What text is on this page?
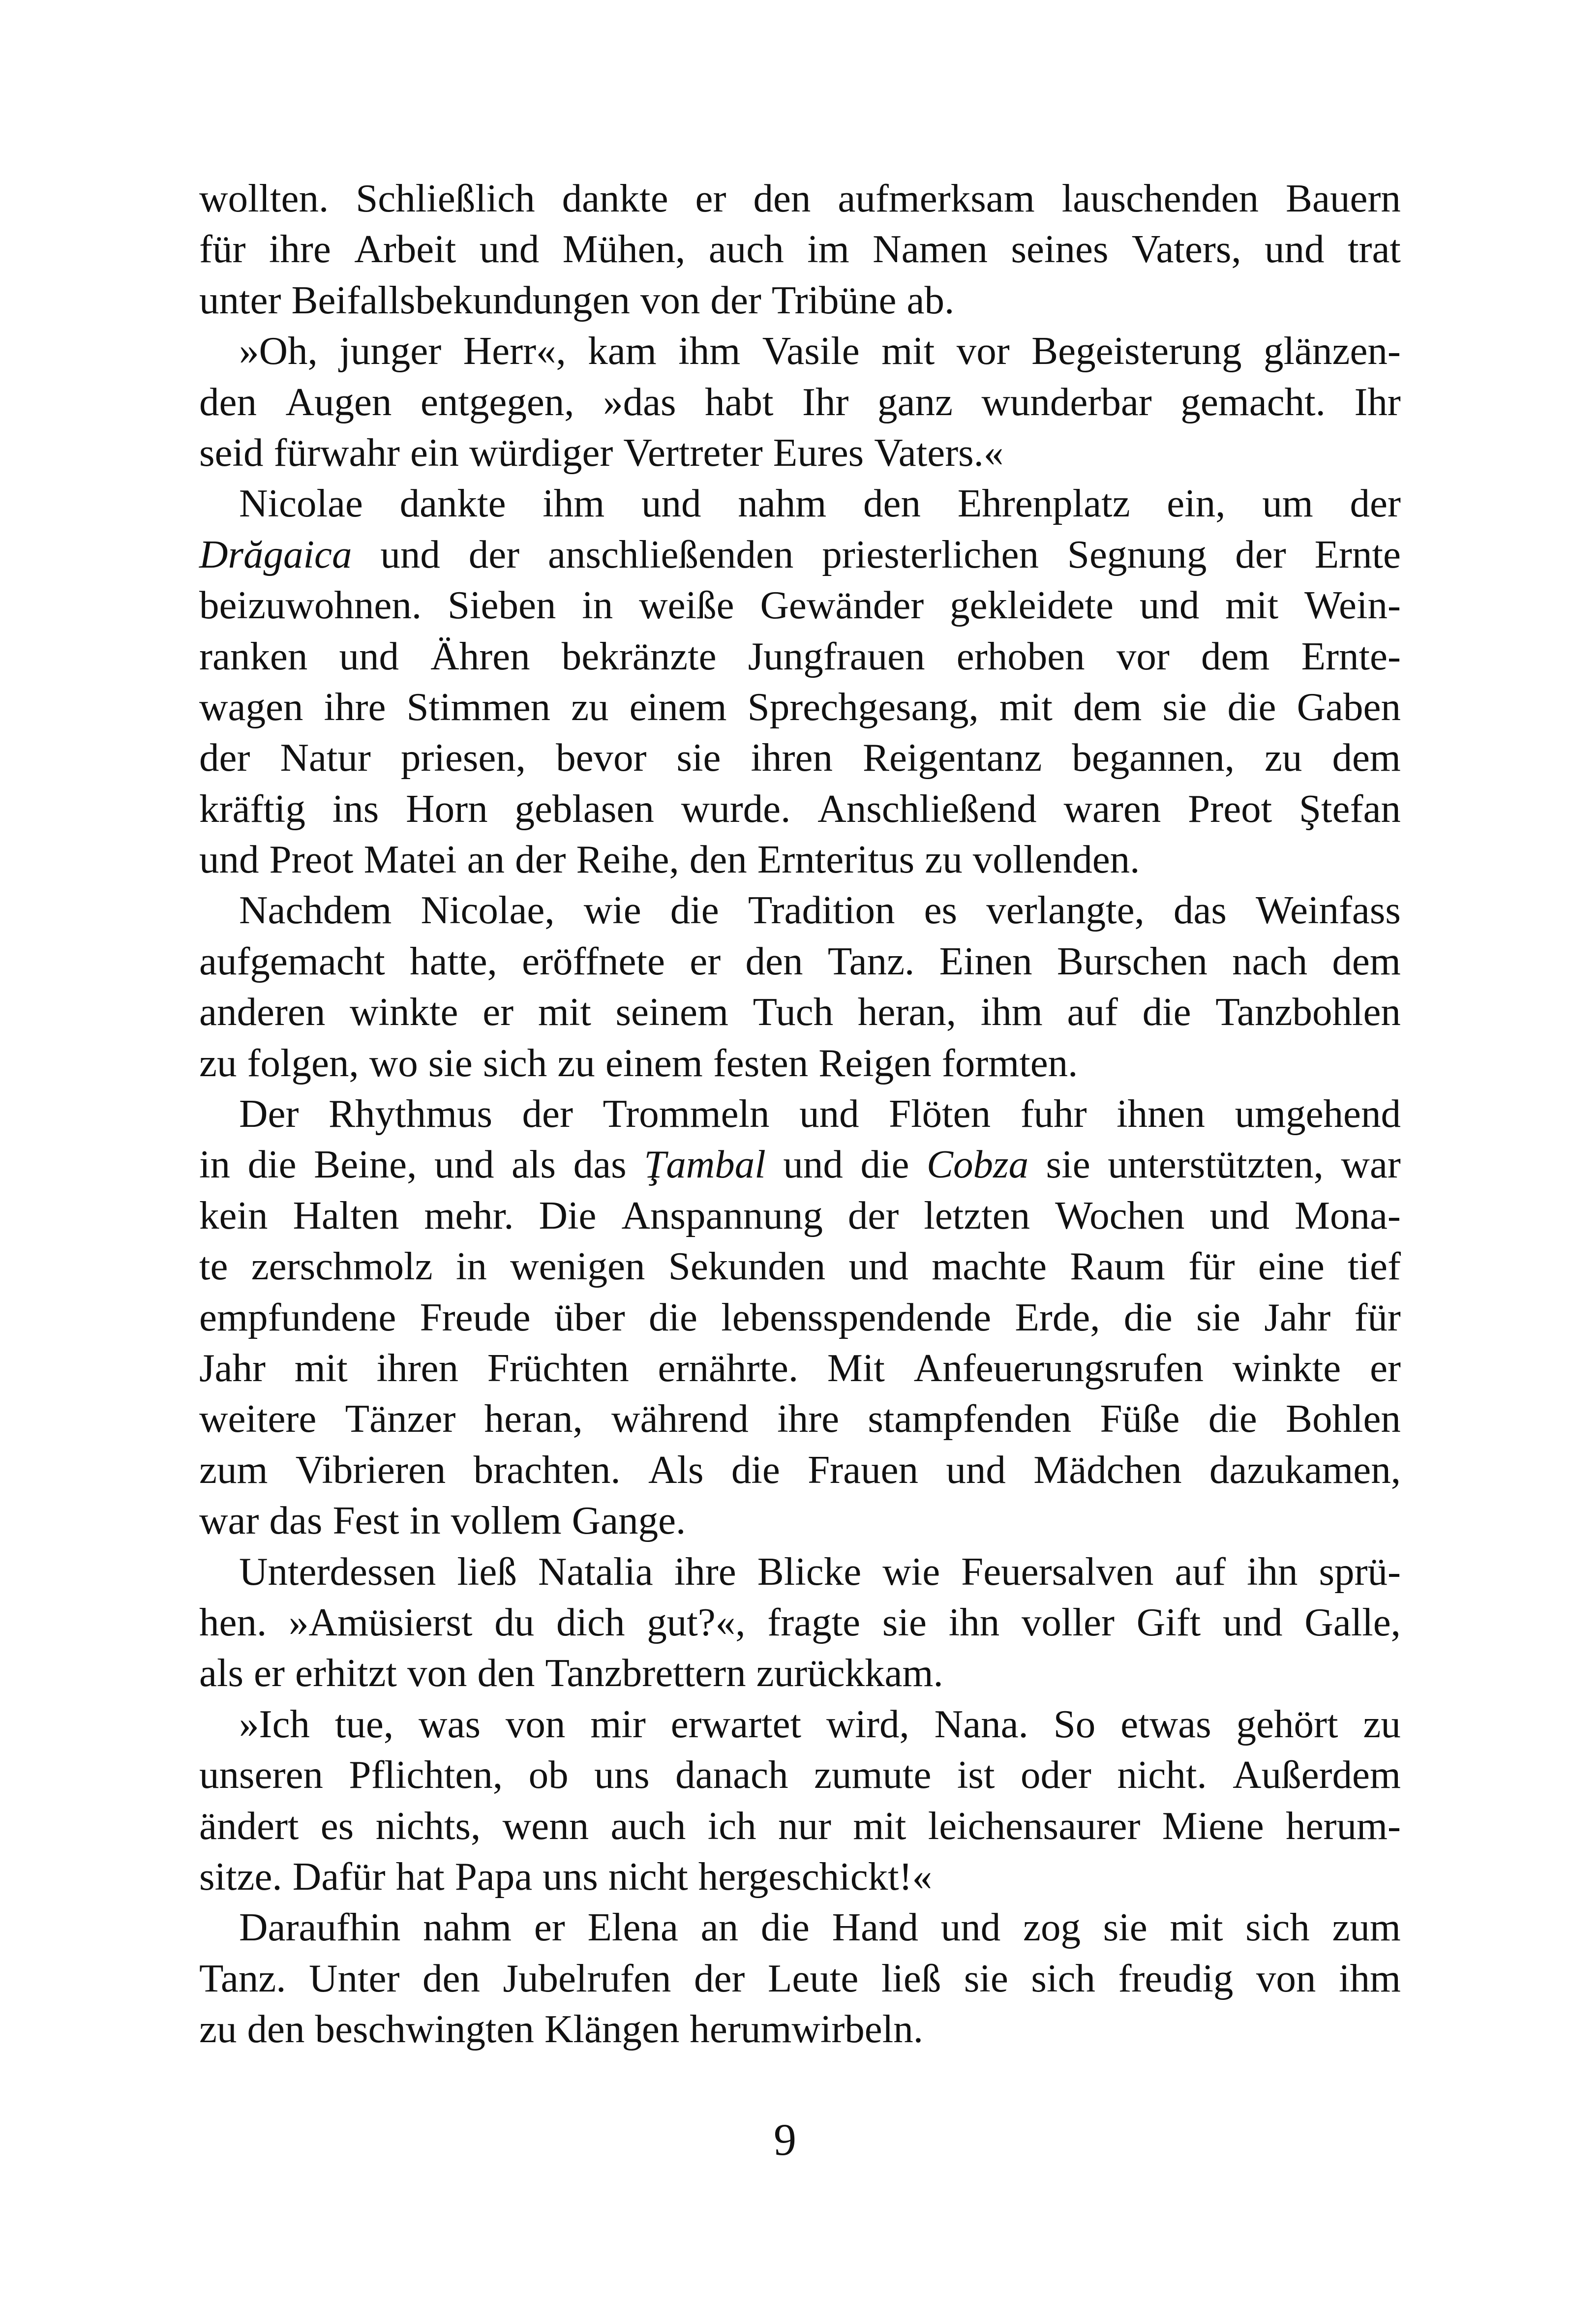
wollten. Schließlich dankte er den aufmerksam lauschenden Bauern
für ihre Arbeit und Mühen, auch im Namen seines Vaters, und trat
unter Beifallsbekundungen von der Tribüne ab.
»Oh, junger Herr«, kam ihm Vasile mit vor Begeisterung glänzen-
den Augen entgegen, »das habt Ihr ganz wunderbar gemacht. Ihr
seid fürwahr ein würdiger Vertreter Eures Vaters.«
Nicolae dankte ihm und nahm den Ehrenplatz ein, um der
Drăgaica und der anschließenden priesterlichen Segnung der Ernte
beizuwohnen. Sieben in weiße Gewänder gekleidete und mit Wein-
ranken und Ähren bekränzte Jungfrauen erhoben vor dem Ernte-
wagen ihre Stimmen zu einem Sprechgesang, mit dem sie die Gaben
der Natur priesen, bevor sie ihren Reigentanz begannen, zu dem
kräftig ins Horn geblasen wurde. Anschließend waren Preot Ştefan
und Preot Matei an der Reihe, den Ernteritus zu vollenden.
Nachdem Nicolae, wie die Tradition es verlangte, das Weinfass
aufgemacht hatte, eröffnete er den Tanz. Einen Burschen nach dem
anderen winkte er mit seinem Tuch heran, ihm auf die Tanzbohlen
zu folgen, wo sie sich zu einem festen Reigen formten.
Der Rhythmus der Trommeln und Flöten fuhr ihnen umgehend
in die Beine, und als das Ţambal und die Cobza sie unterstützten, war
kein Halten mehr. Die Anspannung der letzten Wochen und Mona-
te zerschmolz in wenigen Sekunden und machte Raum für eine tief
empfundene Freude über die lebensspendende Erde, die sie Jahr für
Jahr mit ihren Früchten ernährte. Mit Anfeuerungsrufen winkte er
weitere Tänzer heran, während ihre stampfenden Füße die Bohlen
zum Vibrieren brachten. Als die Frauen und Mädchen dazukamen,
war das Fest in vollem Gange.
Unterdessen ließ Natalia ihre Blicke wie Feuersalven auf ihn sprü-
hen. »Amüsierst du dich gut?«, fragte sie ihn voller Gift und Galle,
als er erhitzt von den Tanzbrettern zurückkam.
»Ich tue, was von mir erwartet wird, Nana. So etwas gehört zu
unseren Pflichten, ob uns danach zumute ist oder nicht. Außerdem
ändert es nichts, wenn auch ich nur mit leichensaurer Miene herum-
sitze. Dafür hat Papa uns nicht hergeschickt!«
Daraufhin nahm er Elena an die Hand und zog sie mit sich zum
Tanz. Unter den Jubelrufen der Leute ließ sie sich freudig von ihm
zu den beschwingten Klängen herumwirbeln.
9
